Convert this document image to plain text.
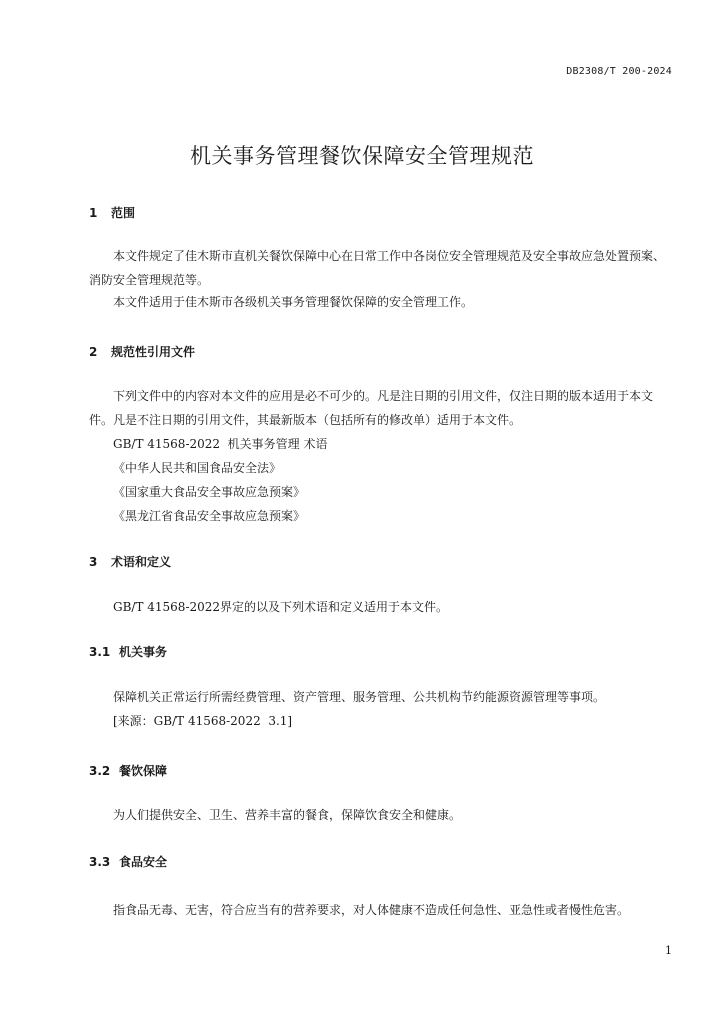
DB2308/T 200-2024
机关事务管理餐饮保障安全管理规范
1 范围
本文件规定了佳木斯市直机关餐饮保障中心在日常工作中各岗位安全管理规范及安全事故应急处置预案、消防安全管理规范等。
本文件适用于佳木斯市各级机关事务管理餐饮保障的安全管理工作。
2 规范性引用文件
下列文件中的内容对本文件的应用是必不可少的。凡是注日期的引用文件，仅注日期的版本适用于本文件。凡是不注日期的引用文件，其最新版本（包括所有的修改单）适用于本文件。
GB/T 41568-2022  机关事务管理 术语
《中华人民共和国食品安全法》
《国家重大食品安全事故应急预案》
《黑龙江省食品安全事故应急预案》
3 术语和定义
GB/T 41568-2022界定的以及下列术语和定义适用于本文件。
3.1 机关事务
保障机关正常运行所需经费管理、资产管理、服务管理、公共机构节约能源资源管理等事项。
[来源：GB/T 41568-2022  3.1]
3.2 餐饮保障
为人们提供安全、卫生、营养丰富的餐食，保障饮食安全和健康。
3.3 食品安全
指食品无毒、无害，符合应当有的营养要求，对人体健康不造成任何急性、亚急性或者慢性危害。
1
